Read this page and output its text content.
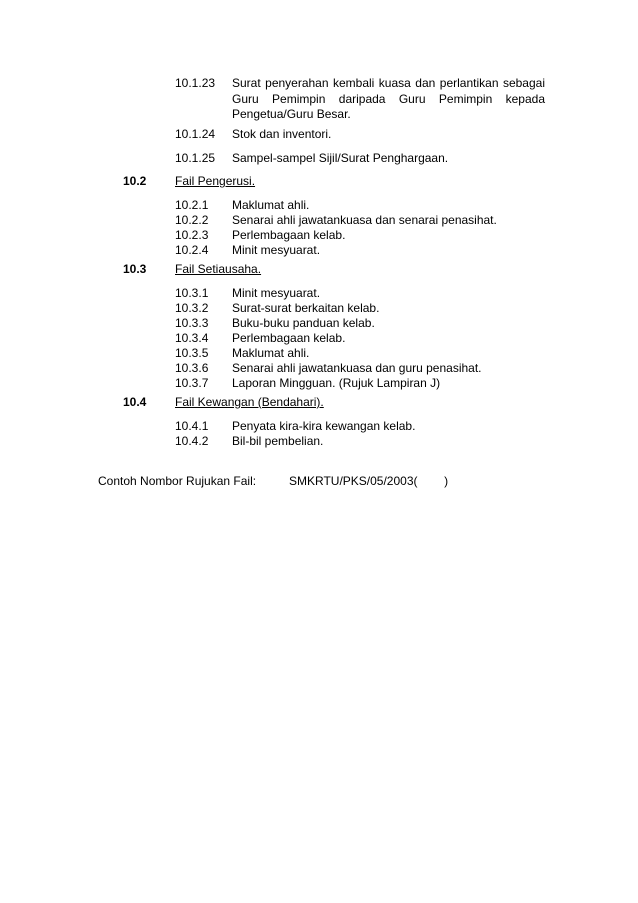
10.1.23 Surat penyerahan kembali kuasa dan perlantikan sebagai
Guru Pemimpin daripada Guru Pemimpin kepada
Pengetua/Guru Besar.
10.1.24 Stok dan inventori.
10.1.25 Sampel-sampel Sijil/Surat Penghargaan.
10.2 Fail Pengerusi.
10.2.1 Maklumat ahli.
10.2.2 Senarai ahli jawatankuasa dan senarai penasihat.
10.2.3 Perlembagaan kelab.
10.2.4 Minit mesyuarat.
10.3 Fail Setiausaha.
10.3.1 Minit mesyuarat.
10.3.2 Surat-surat berkaitan kelab.
10.3.3 Buku-buku panduan kelab.
10.3.4 Perlembagaan kelab.
10.3.5 Maklumat ahli.
10.3.6 Senarai ahli jawatankuasa dan guru penasihat.
10.3.7 Laporan Mingguan. (Rujuk Lampiran J)
10.4 Fail Kewangan (Bendahari).
10.4.1 Penyata kira-kira kewangan kelab.
10.4.2 Bil-bil pembelian.
Contoh Nombor Rujukan Fail:	SMKRTU/PKS/05/2003(        )
